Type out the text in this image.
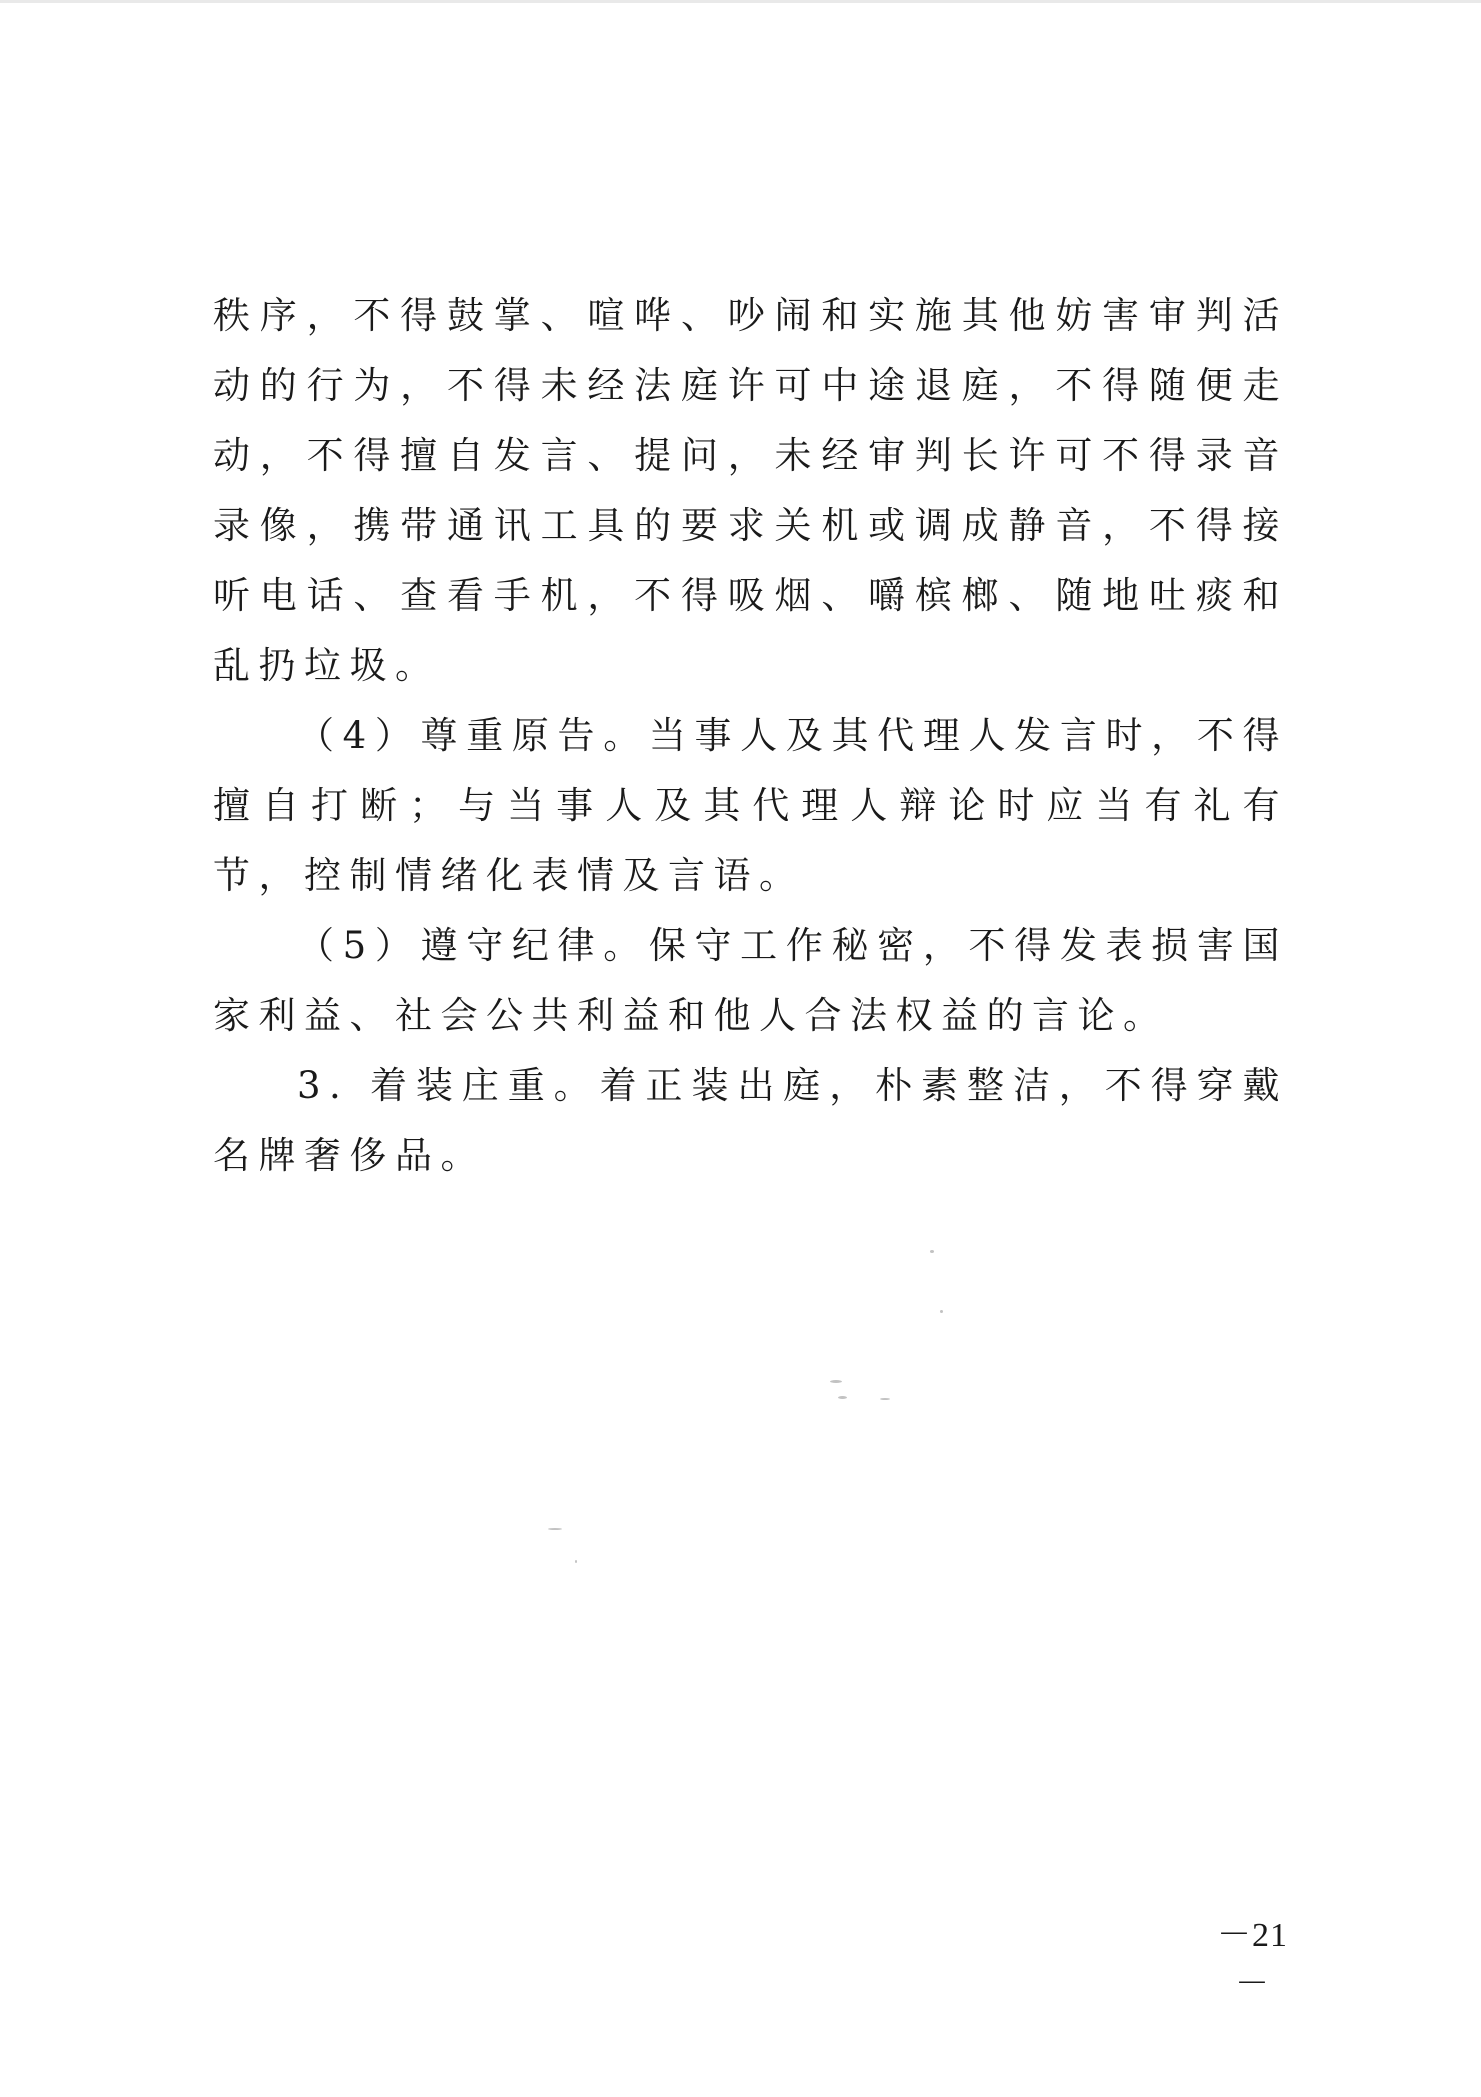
秩序，不得鼓掌、喧哗、吵闹和实施其他妨害审判活动的行为，不得未经法庭许可中途退庭，不得随便走动，不得擅自发言、提问，未经审判长许可不得录音录像，携带通讯工具的要求关机或调成静音，不得接听电话、查看手机，不得吸烟、嚼槟榔、随地吐痰和乱扔垃圾。

（4）尊重原告。当事人及其代理人发言时，不得擅自打断；与当事人及其代理人辩论时应当有礼有节，控制情绪化表情及言语。

（5）遵守纪律。保守工作秘密，不得发表损害国家利益、社会公共利益和他人合法权益的言论。

3. 着装庄重。着正装出庭，朴素整洁，不得穿戴名牌奢侈品。

－21－
